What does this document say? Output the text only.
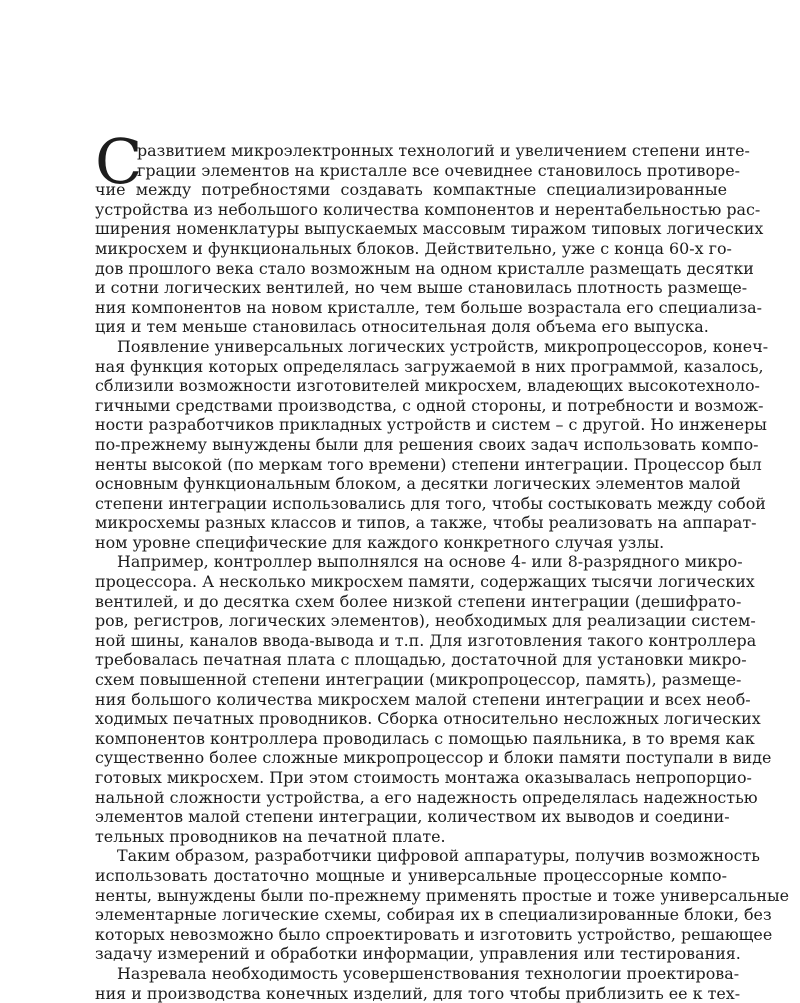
С
развитием микроэлектронных технологий и увеличением степени инте-
грации элементов на кристалле все очевиднее становилось противоре-
чие между потребностями создавать компактные специализированные
устройства из небольшого количества компонентов и нерентабельностью рас-
ширения номенклатуры выпускаемых массовым тиражом типовых логических
микросхем и функциональных блоков. Действительно, уже с конца 60-х го-
дов прошлого века стало возможным на одном кристалле размещать десятки
и сотни логических вентилей, но чем выше становилась плотность размеще-
ния компонентов на новом кристалле, тем больше возрастала его специализа-
ция и тем меньше становилась относительная доля объема его выпуска.
Появление универсальных логических устройств, микропроцессоров, конеч-
ная функция которых определялась загружаемой в них программой, казалось,
сблизили возможности изготовителей микросхем, владеющих высокотехноло-
гичными средствами производства, с одной стороны, и потребности и возмож-
ности разработчиков прикладных устройств и систем – с другой. Но инженеры
по-прежнему вынуждены были для решения своих задач использовать компо-
ненты высокой (по меркам того времени) степени интеграции. Процессор был
основным функциональным блоком, а десятки логических элементов малой
степени интеграции использовались для того, чтобы состыковать между собой
микросхемы разных классов и типов, а также, чтобы реализовать на аппарат-
ном уровне специфические для каждого конкретного случая узлы.
Например, контроллер выполнялся на основе 4- или 8-разрядного микро-
процессора. А несколько микросхем памяти, содержащих тысячи логических
вентилей, и до десятка схем более низкой степени интеграции (дешифрато-
ров, регистров, логических элементов), необходимых для реализации систем-
ной шины, каналов ввода-вывода и т.п. Для изготовления такого контроллера
требовалась печатная плата с площадью, достаточной для установки микро-
схем повышенной степени интеграции (микропроцессор, память), размеще-
ния большого количества микросхем малой степени интеграции и всех необ-
ходимых печатных проводников. Сборка относительно несложных логических
компонентов контроллера проводилась с помощью паяльника, в то время как
существенно более сложные микропроцессор и блоки памяти поступали в виде
готовых микросхем. При этом стоимость монтажа оказывалась непропорцио-
нальной сложности устройства, а его надежность определялась надежностью
элементов малой степени интеграции, количеством их выводов и соедини-
тельных проводников на печатной плате.
Таким образом, разработчики цифровой аппаратуры, получив возможность
использовать достаточно мощные и универсальные процессорные компо-
ненты, вынуждены были по-прежнему применять простые и тоже универсальные
элементарные логические схемы, собирая их в специализированные блоки, без
которых невозможно было спроектировать и изготовить устройство, решающее
задачу измерений и обработки информации, управления или тестирования.
Назревала необходимость усовершенствования технологии проектирова-
ния и производства конечных изделий, для того чтобы приблизить ее к тех-
